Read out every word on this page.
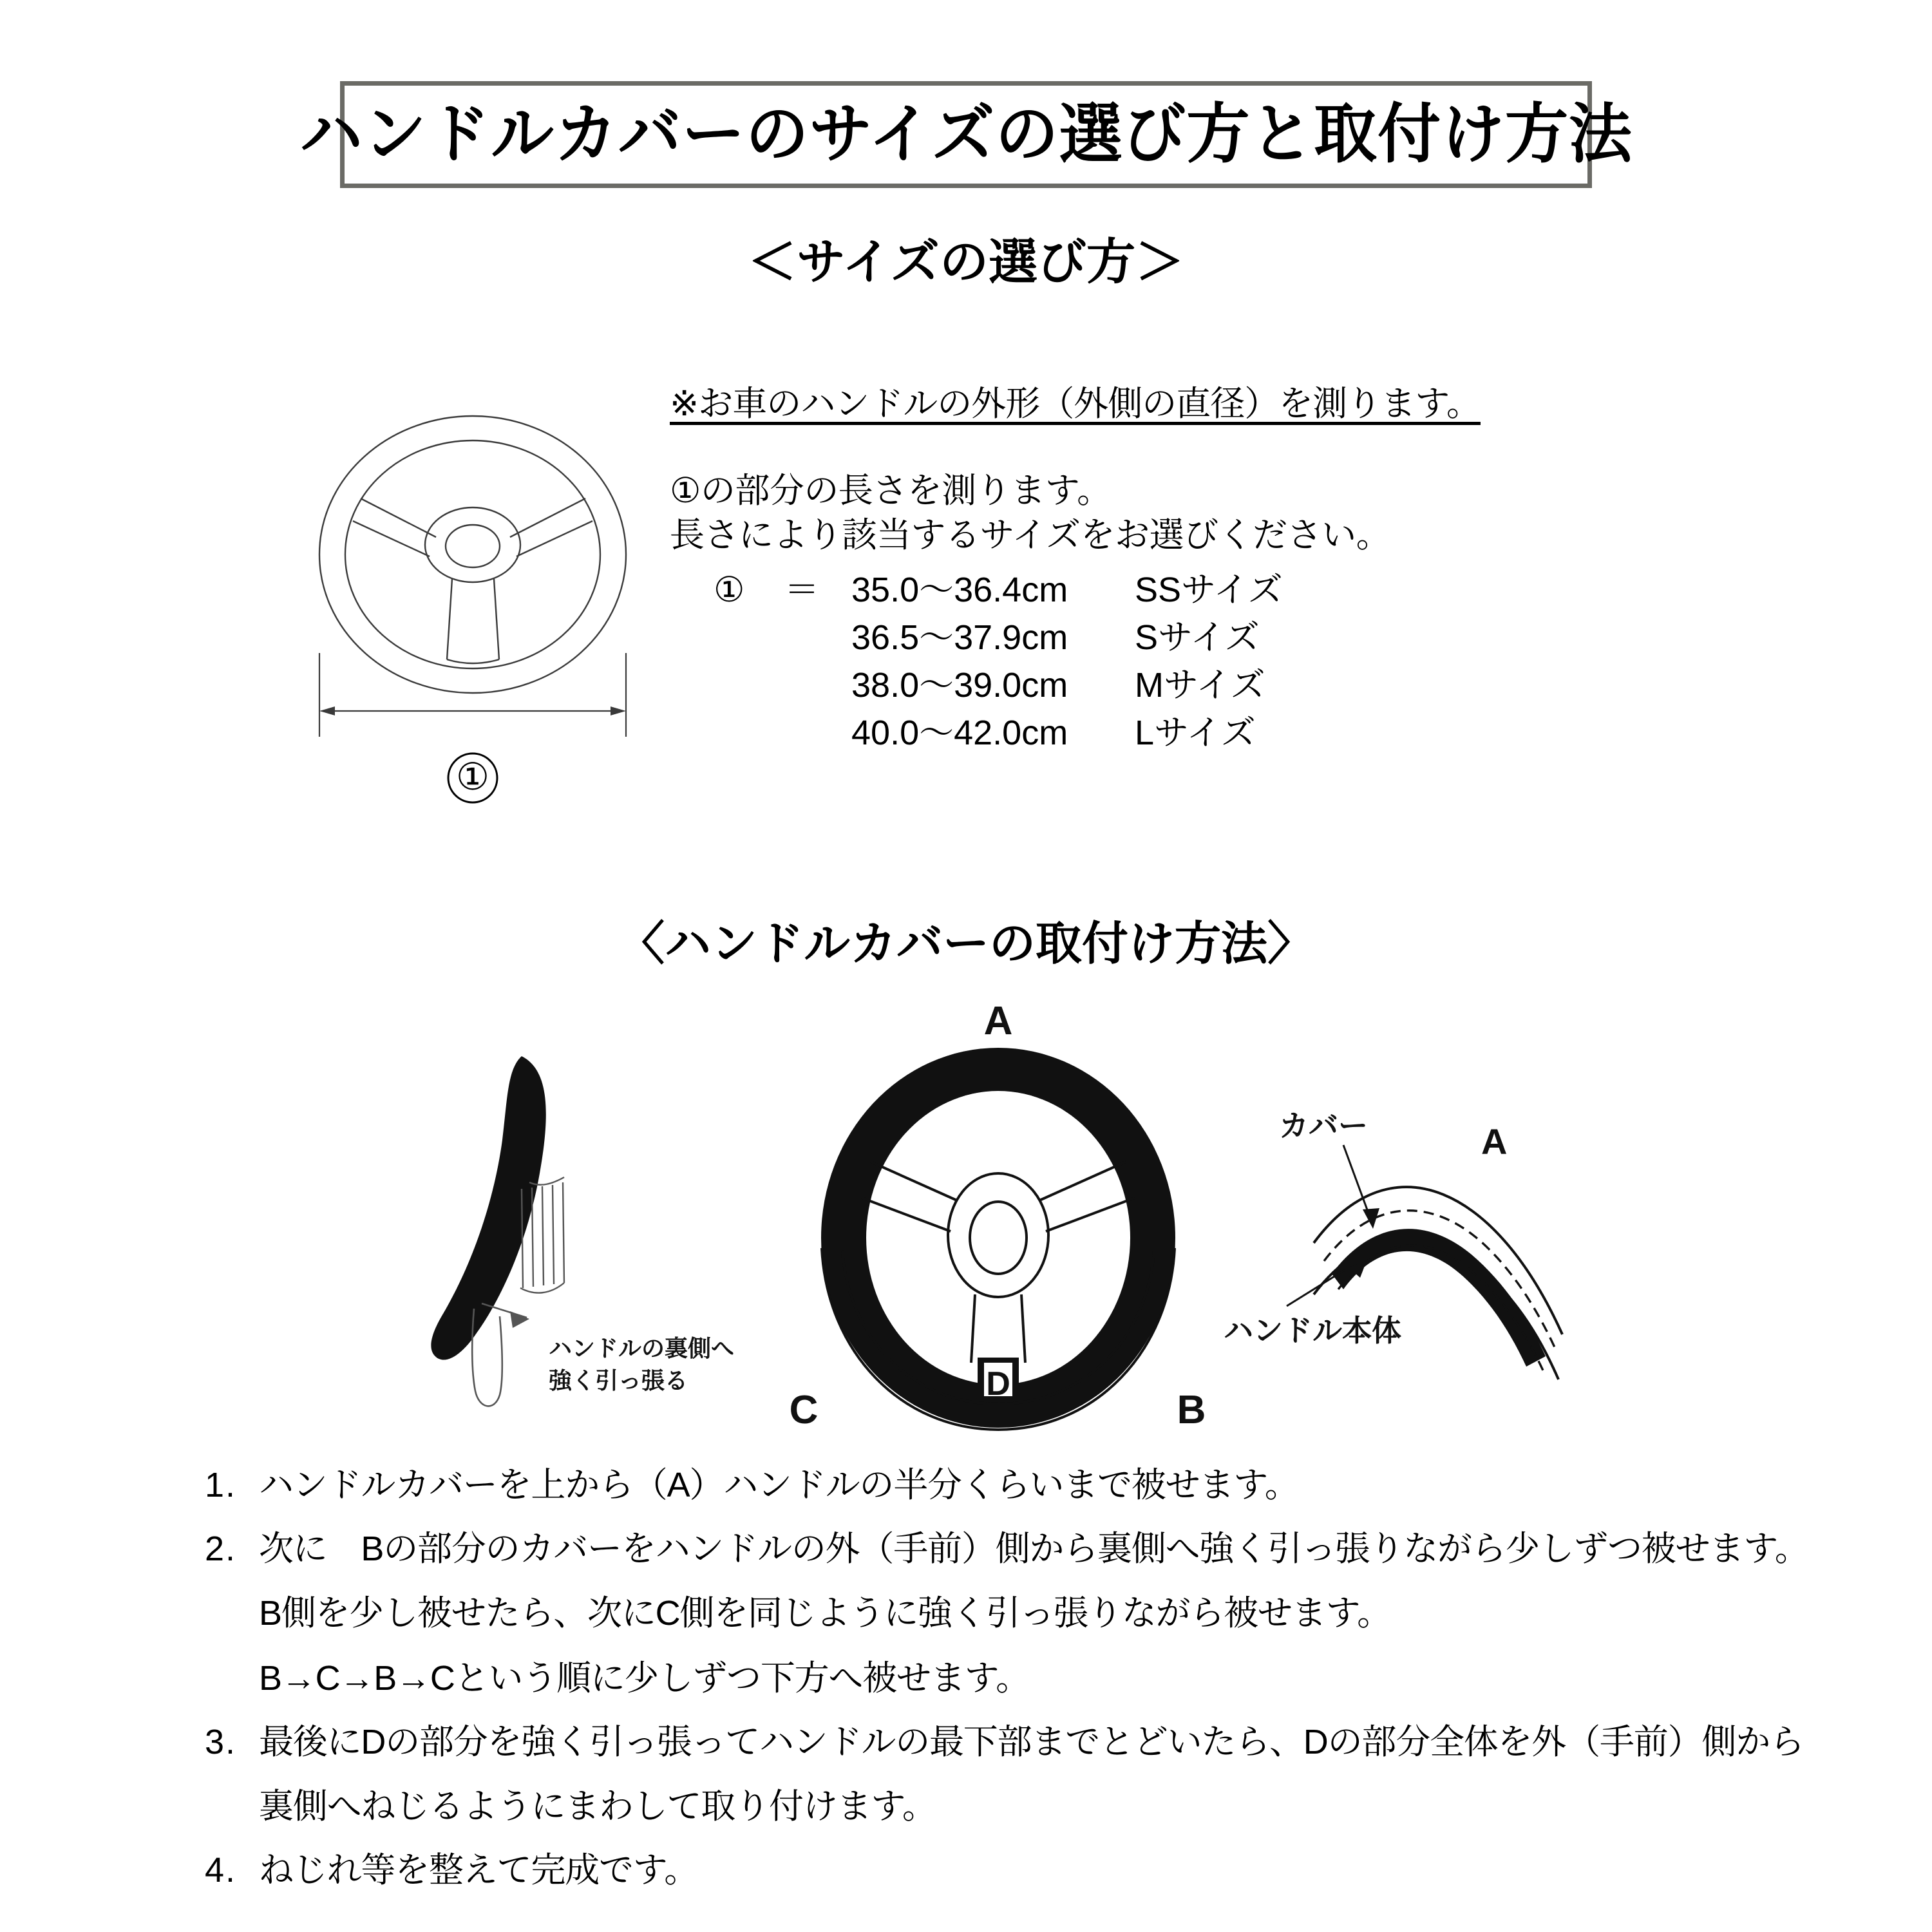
ハンドルカバーのサイズの選び方と取付け方法
＜サイズの選び方＞
①

※お車のハンドルの外形（外側の直径）を測ります。

①の部分の長さを測ります。

長さにより該当するサイズをお選びください。

①	＝	35.0～36.4cm	SSサイズ
		36.5～37.9cm	Sサイズ
		38.0～39.0cm	Mサイズ
		40.0～42.0cm	Lサイズ
〈ハンドルカバーの取付け方法〉
ハンドルの裏側へ
強く引っ張る
A
B
C
D
カバー	A
ハンドル本体
1. ハンドルカバーを上から（A）ハンドルの半分くらいまで被せます。
2. 次に　Bの部分のカバーをハンドルの外（手前）側から裏側へ強く引っ張りながら少しずつ被せます。
B側を少し被せたら、次にC側を同じように強く引っ張りながら被せます。
B→C→B→Cという順に少しずつ下方へ被せます。
3. 最後にDの部分を強く引っ張ってハンドルの最下部までとどいたら、Dの部分全体を外（手前）側から
裏側へねじるようにまわして取り付けます。
4. ねじれ等を整えて完成です。
